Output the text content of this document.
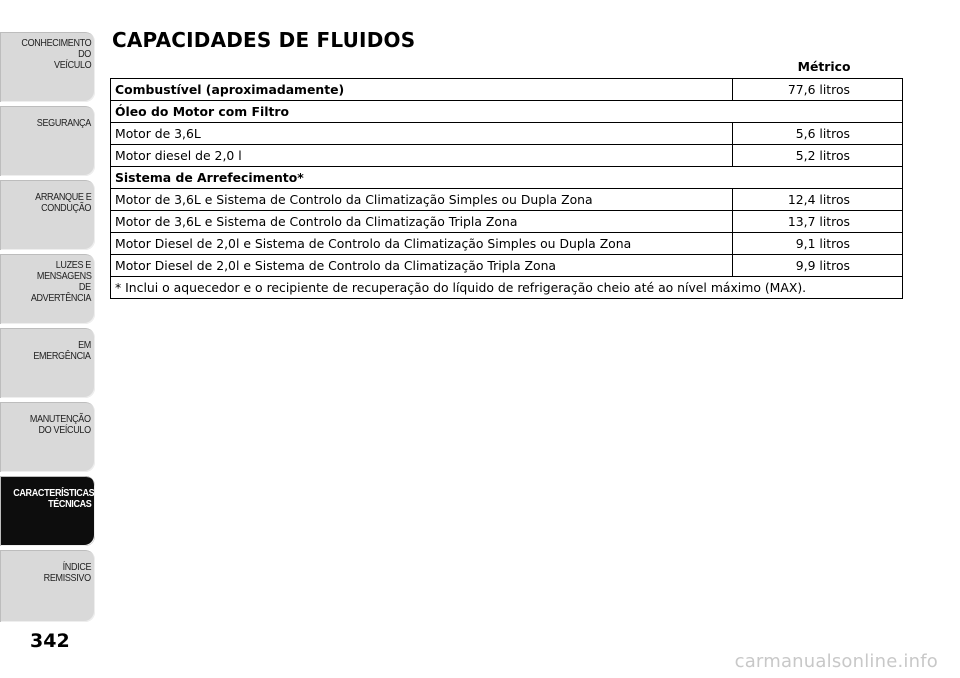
CONHECIMENTO
DO
VEÍCULO
SEGURANÇA
ARRANQUE E
CONDUÇÃO
LUZES E
MENSAGENS
DE
ADVERTÊNCIA
EM
EMERGÊNCIA
MANUTENÇÃO
DO VEÍCULO
CARACTERÍSTICAS
TÉCNICAS
ÍNDICE
REMISSIVO
342
CAPACIDADES DE FLUIDOS
	Métrico
Combustível (aproximadamente)	77,6 litros
Óleo do Motor com Filtro	
Motor de 3,6L	5,6 litros
Motor diesel de 2,0 l	5,2 litros
Sistema de Arrefecimento*	
Motor de 3,6L e Sistema de Controlo da Climatização Simples ou Dupla Zona	12,4 litros
Motor de 3,6L e Sistema de Controlo da Climatização Tripla Zona	13,7 litros
Motor Diesel de 2,0l e Sistema de Controlo da Climatização Simples ou Dupla Zona	9,1 litros
Motor Diesel de 2,0l e Sistema de Controlo da Climatização Tripla Zona	9,9 litros
* Inclui o aquecedor e o recipiente de recuperação do líquido de refrigeração cheio até ao nível máximo (MAX).	
carmanualsonline.info
